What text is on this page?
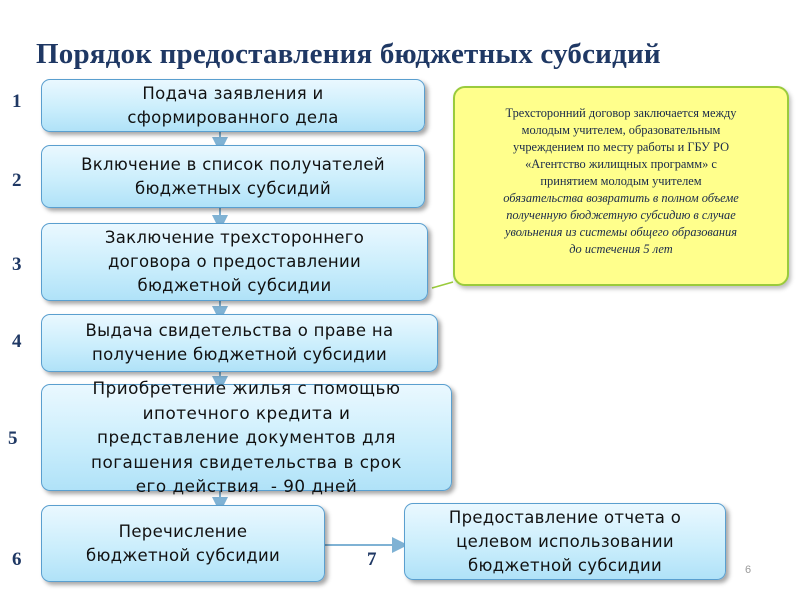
Порядок предоставления бюджетных субсидий
1
2
3
4
5
6	7
Подача заявления и
сформированного дела
Включение в список получателей
бюджетных субсидий
Заключение трехстороннего
договора о предоставлении
бюджетной субсидии
Выдача свидетельства о праве на
получение бюджетной субсидии
Приобретение жилья с помощью
ипотечного кредита и
представление документов для
погашения свидетельства в срок
его действия  - 90 дней
Перечисление
бюджетной субсидии
Предоставление отчета о
целевом использовании
бюджетной субсидии
Трехсторонний договор заключается между
молодым учителем, образовательным
учреждением по месту работы и ГБУ РО
«Агентство жилищных программ» с
принятием молодым учителем
обязательства возвратить в полном объеме
полученную бюджетную субсидию в случае
увольнения из системы общего образования
до истечения 5 лет
6
